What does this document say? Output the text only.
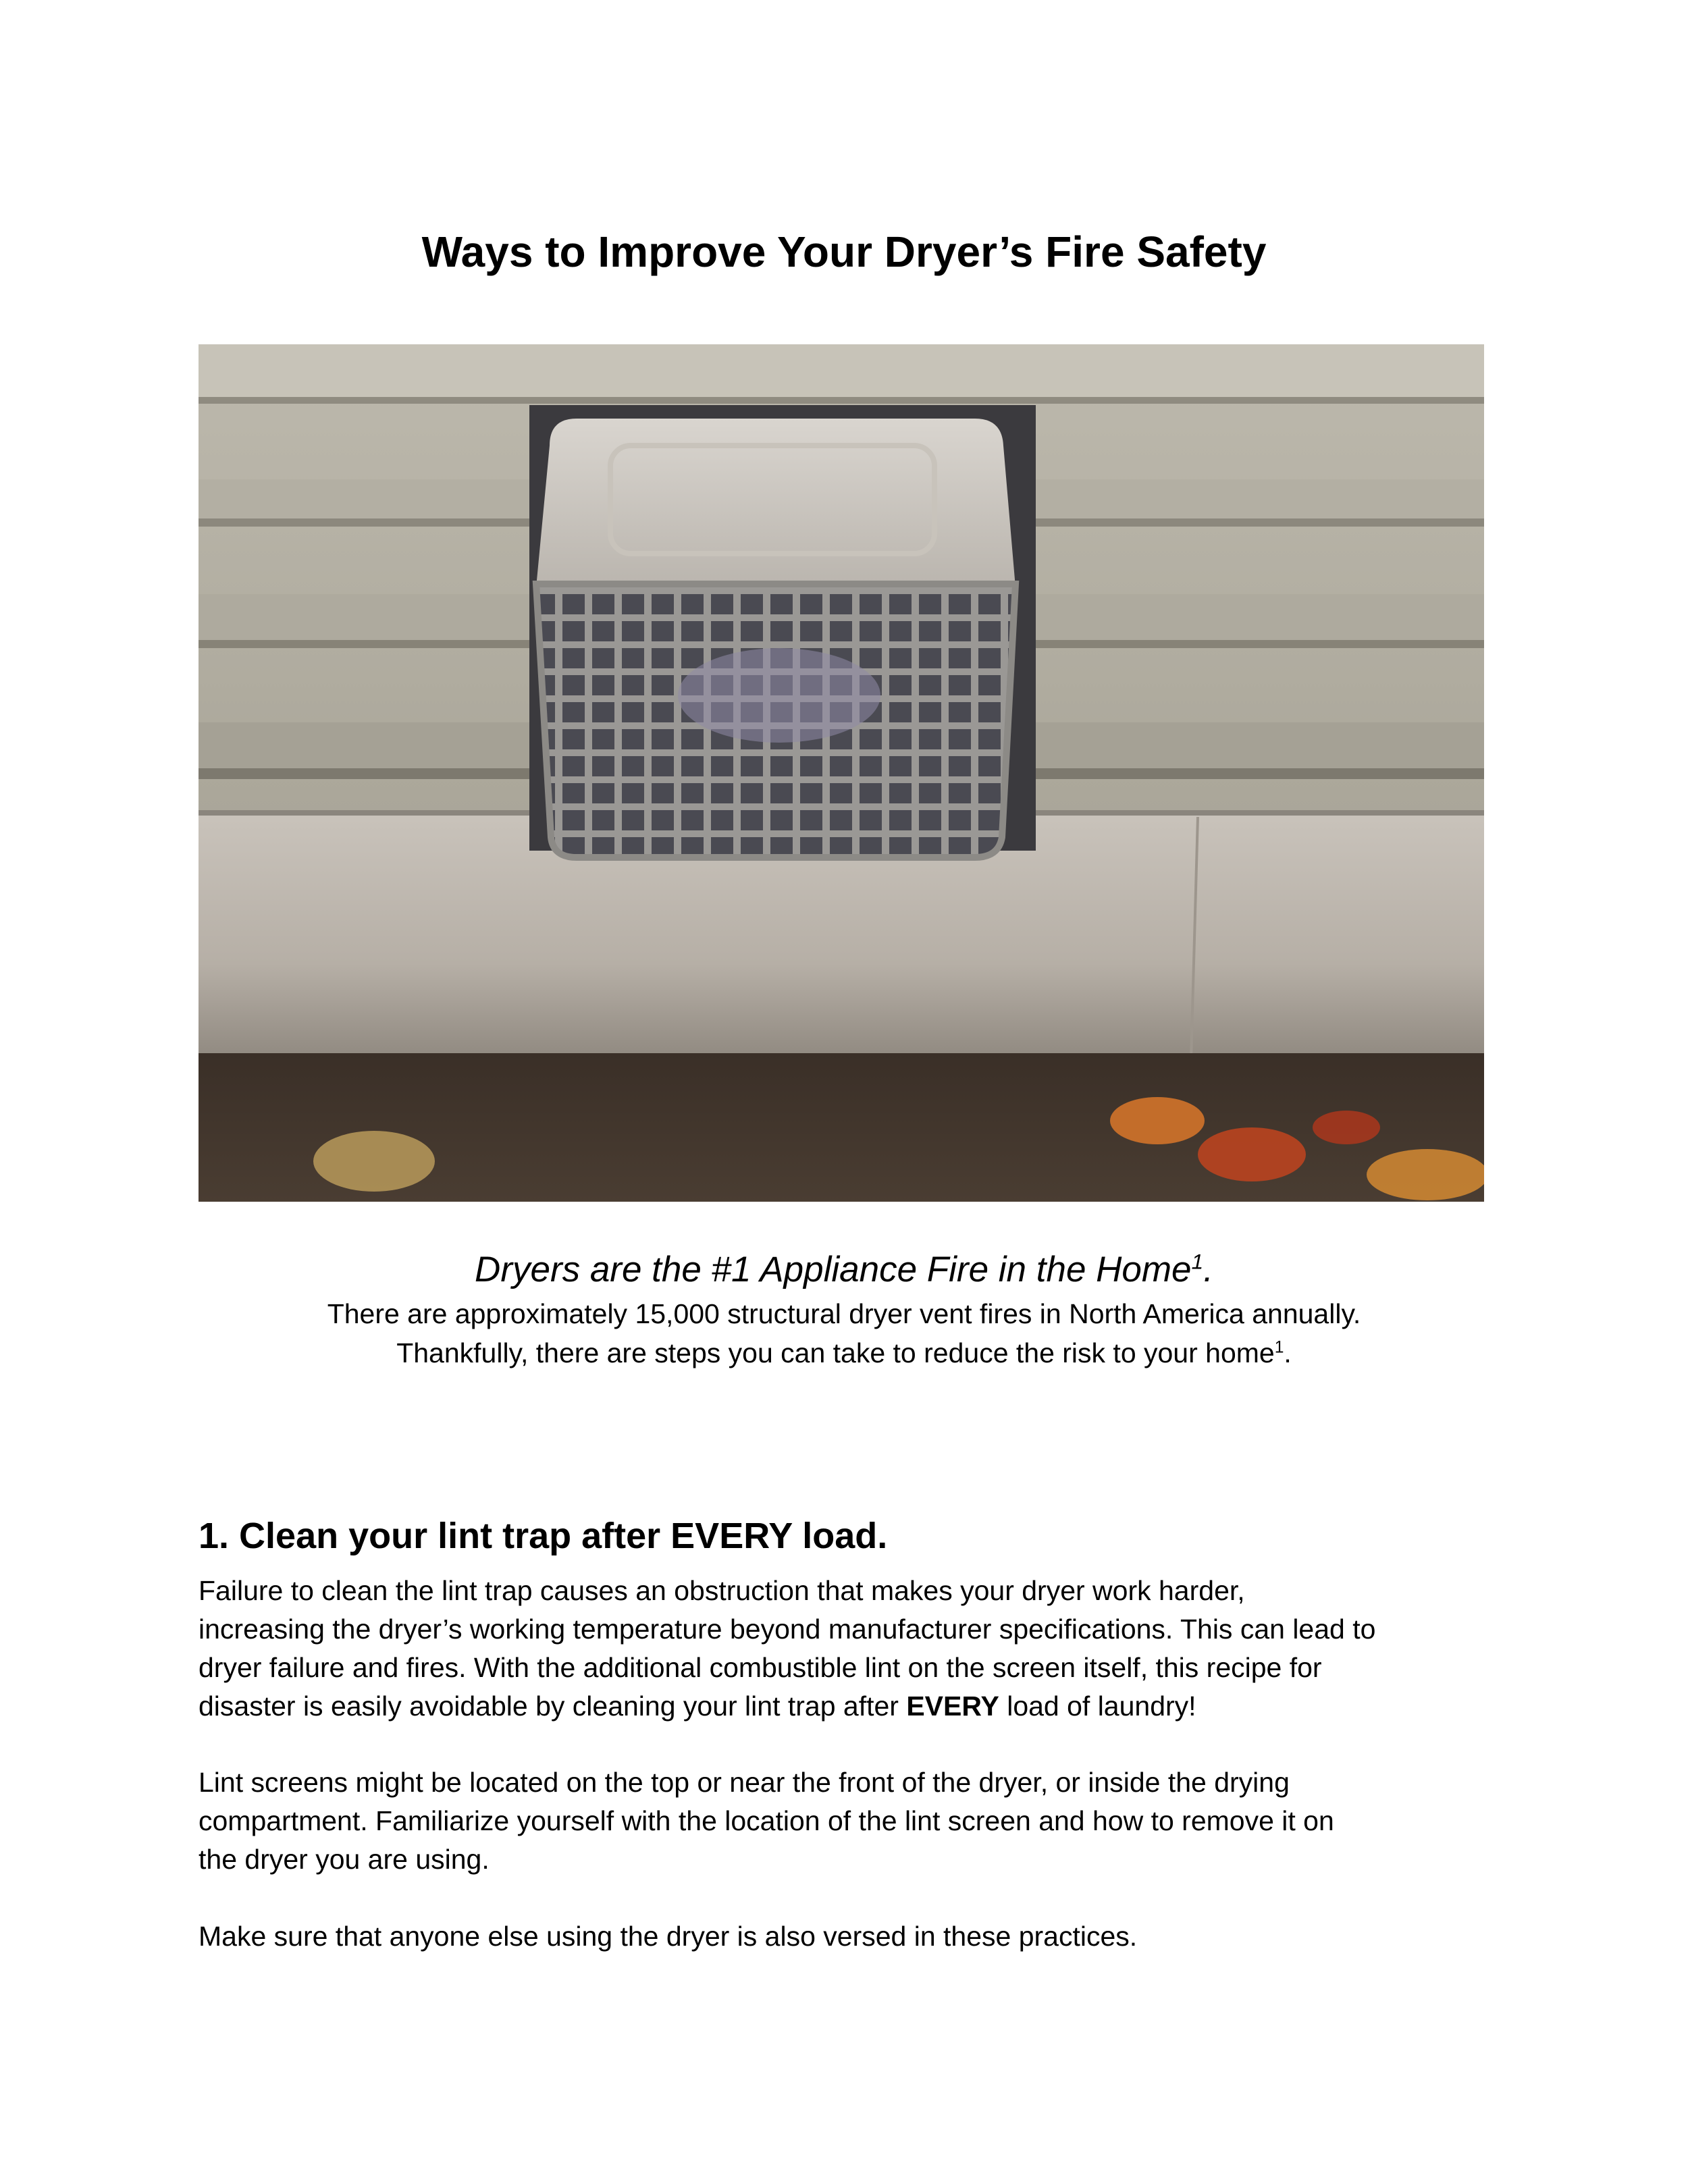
Ways to Improve Your Dryer’s Fire Safety
Dryers are the #1 Appliance Fire in the Home$^1$.
There are approximately 15,000 structural dryer vent fires in North America annually.
Thankfully, there are steps you can take to reduce the risk to your home$^1$.
1. Clean your lint trap after EVERY load.

Failure to clean the lint trap causes an obstruction that makes your dryer work harder,
increasing the dryer’s working temperature beyond manufacturer specifications. This can lead to
dryer failure and fires. With the additional combustible lint on the screen itself, this recipe for
disaster is easily avoidable by cleaning your lint trap after EVERY load of laundry!

Lint screens might be located on the top or near the front of the dryer, or inside the drying
compartment. Familiarize yourself with the location of the lint screen and how to remove it on
the dryer you are using.

Make sure that anyone else using the dryer is also versed in these practices.
